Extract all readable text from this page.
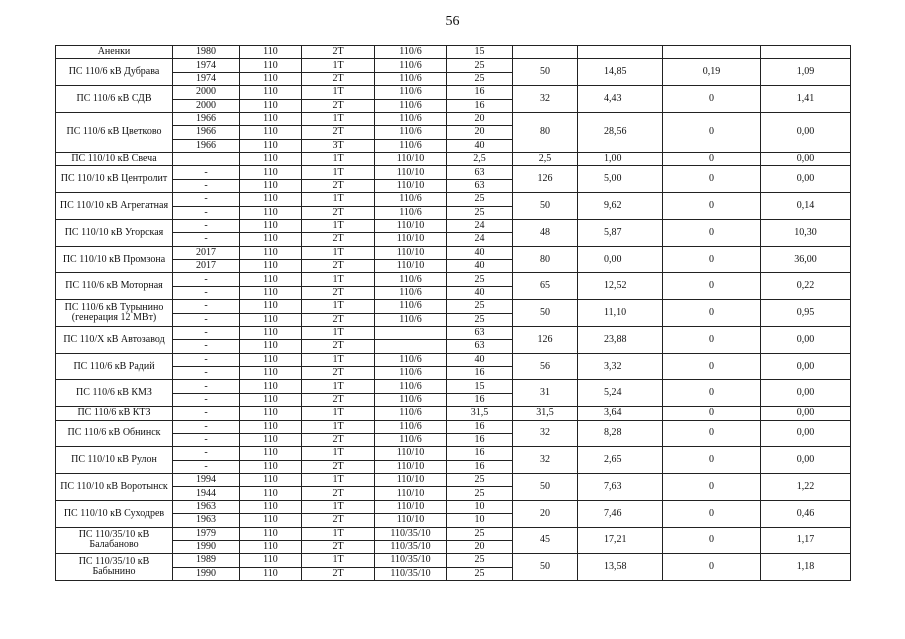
56
Аненки	1980	110	2Т	110/6	15				
ПС 110/6 кВ Дубрава	1974	110	1Т	110/6	25	50	14,85	0,19	1,09
	1974	110	2Т	110/6	25				
ПС 110/6 кВ СДВ	2000	110	1Т	110/6	16	32	4,43	0	1,41
	2000	110	2Т	110/6	16				
ПС 110/6 кВ Цветково	1966	110	1Т	110/6	20	80	28,56	0	0,00
	1966	110	2Т	110/6	20				
	1966	110	3Т	110/6	40				
ПС 110/10 кВ Свеча		110	1Т	110/10	2,5	2,5	1,00	0	0,00
ПС 110/10 кВ Центролит	-	110	1Т	110/10	63	126	5,00	0	0,00
	-	110	2Т	110/10	63				
ПС 110/10 кВ Агрегатная	-	110	1Т	110/6	25	50	9,62	0	0,14
	-	110	2Т	110/6	25				
ПС 110/10 кВ Угорская	-	110	1Т	110/10	24	48	5,87	0	10,30
	-	110	2Т	110/10	24				
ПС 110/10 кВ Промзона	2017	110	1Т	110/10	40	80	0,00	0	36,00
	2017	110	2Т	110/10	40				
ПС 110/6 кВ Моторная	-	110	1Т	110/6	25	65	12,52	0	0,22
	-	110	2Т	110/6	40				
ПС 110/6 кВ Турынино (генерация 12 МВт)	-	110	1Т	110/6	25	50	11,10	0	0,95
	-	110	2Т	110/6	25				
ПС 110/Х кВ Автозавод	-	110	1Т		63	126	23,88	0	0,00
	-	110	2Т		63				
ПС 110/6 кВ Радий	-	110	1Т	110/6	40	56	3,32	0	0,00
	-	110	2Т	110/6	16				
ПС 110/6 кВ КМЗ	-	110	1Т	110/6	15	31	5,24	0	0,00
	-	110	2Т	110/6	16				
ПС 110/6 кВ КТЗ	-	110	1Т	110/6	31,5	31,5	3,64	0	0,00
ПС 110/6 кВ Обнинск	-	110	1Т	110/6	16	32	8,28	0	0,00
	-	110	2Т	110/6	16				
ПС 110/10 кВ Рулон	-	110	1Т	110/10	16	32	2,65	0	0,00
	-	110	2Т	110/10	16				
ПС 110/10 кВ Воротынск	1994	110	1Т	110/10	25	50	7,63	0	1,22
	1944	110	2Т	110/10	25				
ПС 110/10 кВ Суходрев	1963	110	1Т	110/10	10	20	7,46	0	0,46
	1963	110	2Т	110/10	10				
ПС 110/35/10 кВ Балабаново	1979	110	1Т	110/35/10	25	45	17,21	0	1,17
	1990	110	2Т	110/35/10	20				
ПС 110/35/10 кВ Бабынино	1989	110	1Т	110/35/10	25	50	13,58	0	1,18
	1990	110	2Т	110/35/10	25				
